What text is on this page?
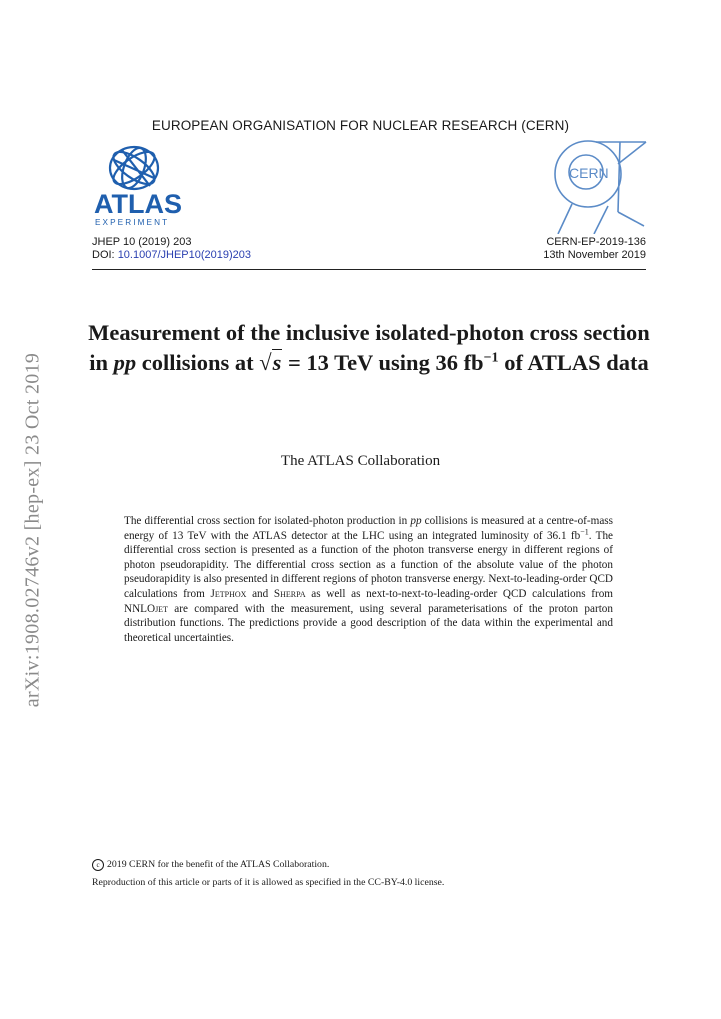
EUROPEAN ORGANISATION FOR NUCLEAR RESEARCH (CERN)
ATLAS
EXPERIMENT
CERN
JHEP 10 (2019) 203
DOI: 10.1007/JHEP10(2019)203
CERN-EP-2019-136
13th November 2019
arXiv:1908.02746v2 [hep-ex] 23 Oct 2019
Measurement of the inclusive isolated-photon cross section in pp collisions at √s = 13 TeV using 36 $fb^{-1}$ of ATLAS data
The ATLAS Collaboration
The differential cross section for isolated-photon production in pp collisions is measured at a centre-of-mass energy of 13 TeV with the ATLAS detector at the LHC using an integrated luminosity of 36.1 $fb^{-1}$. The differential cross section is presented as a function of the photon transverse energy in different regions of photon pseudorapidity. The differential cross section as a function of the absolute value of the photon pseudorapidity is also presented in different regions of photon transverse energy. Next-to-leading-order QCD calculations from Jetphox and Sherpa as well as next-to-next-to-leading-order QCD calculations from NNLOjet are compared with the measurement, using several parameterisations of the proton parton distribution functions. The predictions provide a good description of the data within the experimental and theoretical uncertainties.
c 2019 CERN for the benefit of the ATLAS Collaboration.
Reproduction of this article or parts of it is allowed as specified in the CC-BY-4.0 license.
